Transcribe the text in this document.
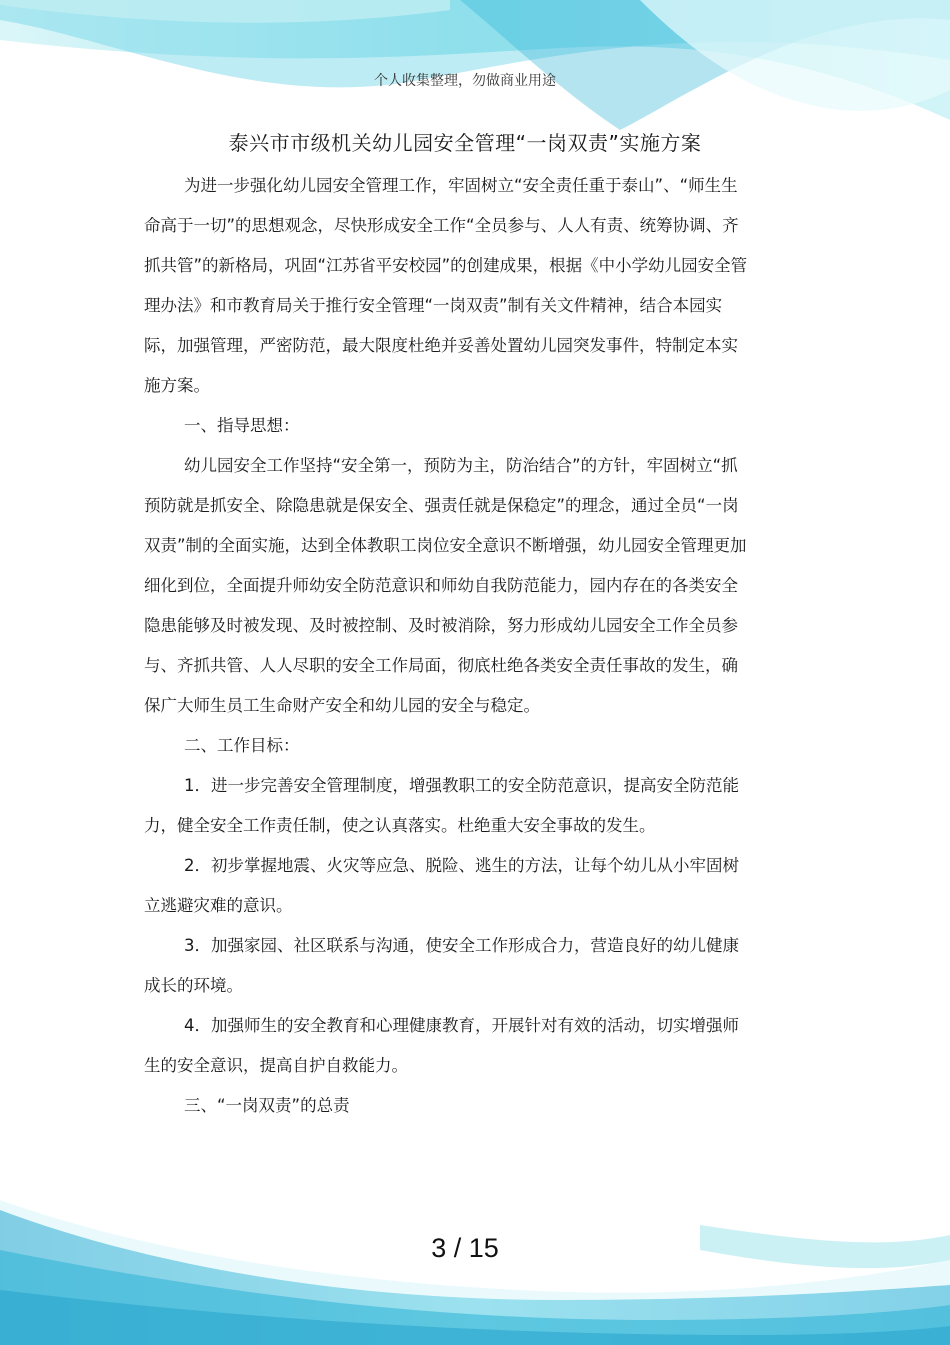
个人收集整理，勿做商业用途
泰兴市市级机关幼儿园安全管理“一岗双责”实施方案

为进一步强化幼儿园安全管理工作，牢固树立“安全责任重于泰山”、“师生生命高于一切”的思想观念，尽快形成安全工作“全员参与、人人有责、统筹协调、齐抓共管”的新格局，巩固“江苏省平安校园”的创建成果，根据《中小学幼儿园安全管理办法》和市教育局关于推行安全管理“一岗双责”制有关文件精神，结合本园实际，加强管理，严密防范，最大限度杜绝并妥善处置幼儿园突发事件，特制定本实施方案。

一、指导思想：

幼儿园安全工作坚持“安全第一，预防为主，防治结合”的方针，牢固树立“抓预防就是抓安全、除隐患就是保安全、强责任就是保稳定”的理念，通过全员“一岗双责”制的全面实施，达到全体教职工岗位安全意识不断增强，幼儿园安全管理更加细化到位，全面提升师幼安全防范意识和师幼自我防范能力，园内存在的各类安全隐患能够及时被发现、及时被控制、及时被消除，努力形成幼儿园安全工作全员参与、齐抓共管、人人尽职的安全工作局面，彻底杜绝各类安全责任事故的发生，确保广大师生员工生命财产安全和幼儿园的安全与稳定。

二、工作目标：

1．进一步完善安全管理制度，增强教职工的安全防范意识，提高安全防范能力，健全安全工作责任制，使之认真落实。杜绝重大安全事故的发生。

2．初步掌握地震、火灾等应急、脱险、逃生的方法，让每个幼儿从小牢固树立逃避灾难的意识。

3．加强家园、社区联系与沟通，使安全工作形成合力，营造良好的幼儿健康成长的环境。

4．加强师生的安全教育和心理健康教育，开展针对有效的活动，切实增强师生的安全意识，提高自护自救能力。

三、“一岗双责”的总责

3 / 15
